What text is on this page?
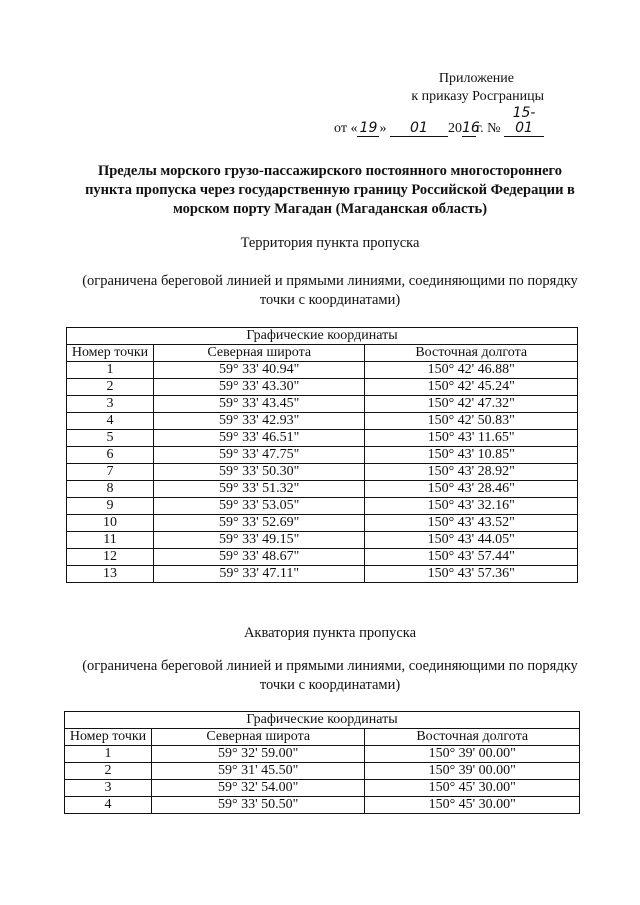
Приложение
к приказу Росграницы
от « 19 » 01 2016г. № 15-01
Пределы морского грузо-пассажирского постоянного многостороннего
пункта пропуска через государственную границу Российской Федерации в
морском порту Магадан (Магаданская область)
Территория пункта пропуска
(ограничена береговой линией и прямыми линиями, соединяющими по порядку
точки с координатами)
Графические координаты		
Номер точки	Северная широта	Восточная долгота
1	59° 33' 40.94"	150° 42' 46.88"
2	59° 33' 43.30"	150° 42' 45.24"
3	59° 33' 43.45"	150° 42' 47.32"
4	59° 33' 42.93"	150° 42' 50.83"
5	59° 33' 46.51"	150° 43' 11.65"
6	59° 33' 47.75"	150° 43' 10.85"
7	59° 33' 50.30"	150° 43' 28.92"
8	59° 33' 51.32"	150° 43' 28.46"
9	59° 33' 53.05"	150° 43' 32.16"
10	59° 33' 52.69"	150° 43' 43.52"
11	59° 33' 49.15"	150° 43' 44.05"
12	59° 33' 48.67"	150° 43' 57.44"
13	59° 33' 47.11"	150° 43' 57.36"
Акватория пункта пропуска
(ограничена береговой линией и прямыми линиями, соединяющими по порядку
точки с координатами)
Графические координаты		
Номер точки	Северная широта	Восточная долгота
1	59° 32' 59.00"	150° 39' 00.00"
2	59° 31' 45.50"	150° 39' 00.00"
3	59° 32' 54.00"	150° 45' 30.00"
4	59° 33' 50.50"	150° 45' 30.00"
